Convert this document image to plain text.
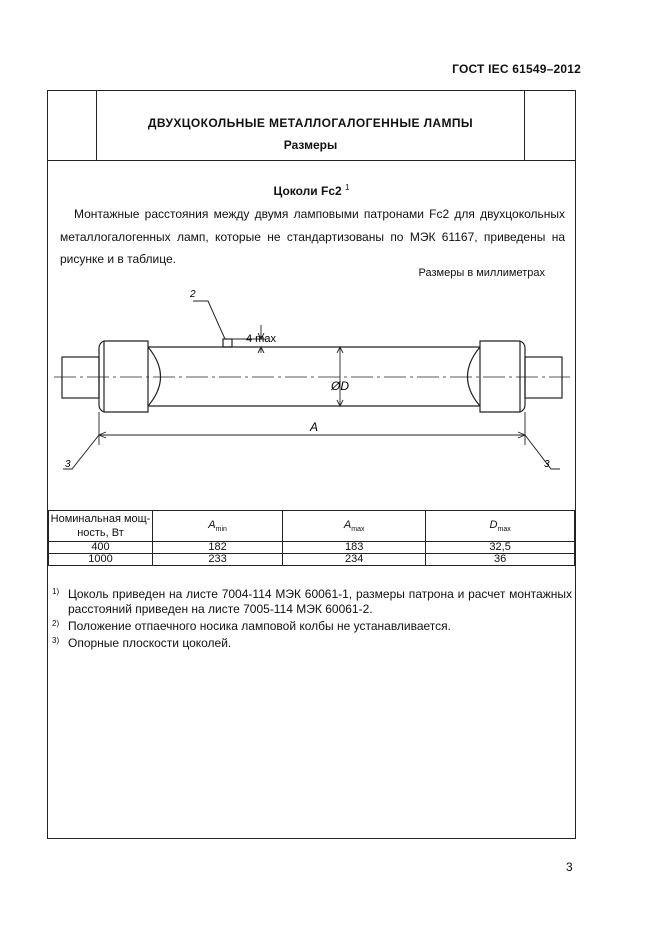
ГОСТ IEC 61549–2012
ДВУХЦОКОЛЬНЫЕ МЕТАЛЛОГАЛОГЕННЫЕ ЛАМПЫ
Размеры
Цоколи Fc2 $^1$
Монтажные расстояния между двумя ламповыми патронами Fc2 для двухцокольных металлогалогенных ламп, которые не стандартизованы по МЭК 61167, приведены на рисунке и в таблице.
Размеры в миллиметрах
2
4 max
ØD
A
3	3
Номинальная мощ-ность, Вт	$A_{min}$	$A_{max}$	$D_{max}$
400	182	183	32,5
1000	233	234	36
1) Цоколь приведен на листе 7004-114 МЭК 60061-1, размеры патрона и расчет монтажных расстояний приведен на листе 7005-114 МЭК 60061-2.
2) Положение отпаечного носика ламповой колбы не устанавливается.
3) Опорные плоскости цоколей.
3
